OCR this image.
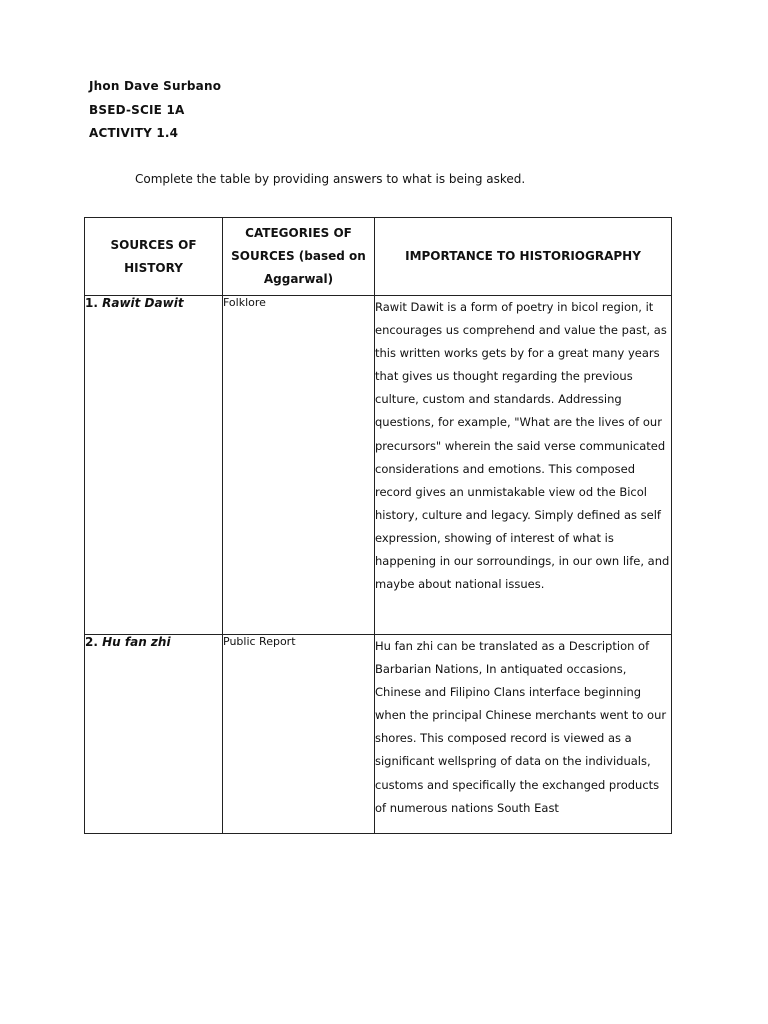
Jhon Dave Surbano
BSED-SCIE 1A
ACTIVITY 1.4
Complete the table by providing answers to what is being asked.
SOURCES OF HISTORY	CATEGORIES OF SOURCES (based on Aggarwal)	IMPORTANCE TO HISTORIOGRAPHY

1. Rawit Dawit	Folklore	Rawit Dawit is a form of poetry in bicol region, it encourages us comprehend and value the past, as this written works gets by for a great many years that gives us thought regarding the previous culture, custom and standards. Addressing questions, for example, "What are the lives of our precursors" wherein the said verse communicated considerations and emotions. This composed record gives an unmistakable view od the Bicol history, culture and legacy. Simply defined as self expression, showing of interest of what is happening in our sorroundings, in our own life, and maybe about national issues.
2. Hu fan zhi	Public Report	Hu fan zhi can be translated as a Description of Barbarian Nations, In antiquated occasions, Chinese and Filipino Clans interface beginning when the principal Chinese merchants went to our shores. This composed record is viewed as a significant wellspring of data on the individuals, customs and specifically the exchanged products of numerous nations South East
